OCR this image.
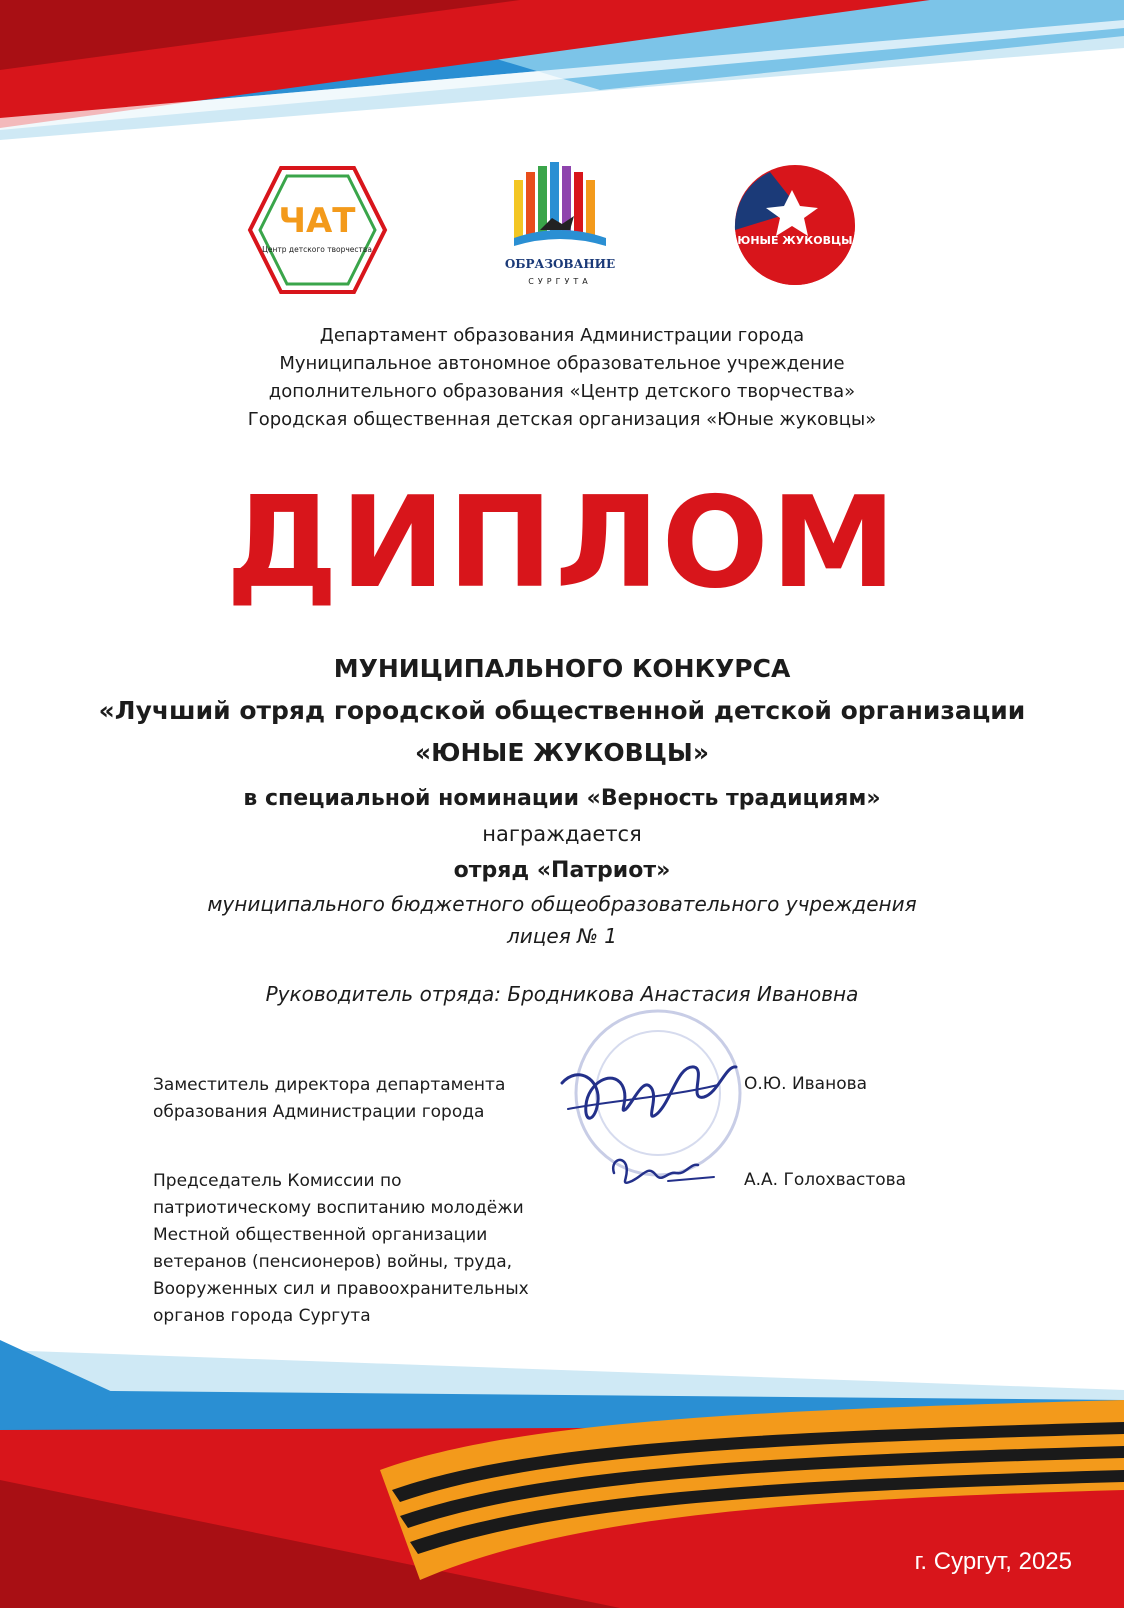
ЧАТ
Центр детского творчества
ОБРАЗОВАНИЕ
СУРГУТА
ЮНЫЕ ЖУКОВЦЫ
Департамент образования Администрации города
Муниципальное автономное образовательное учреждение
дополнительного образования «Центр детского творчества»
Городская общественная детская организация «Юные жуковцы»
ДИПЛОМ
МУНИЦИПАЛЬНОГО КОНКУРСА
«Лучший отряд городской общественной детской организации
«ЮНЫЕ ЖУКОВЦЫ»
в специальной номинации «Верность традициям»
награждается
отряд «Патриот»
муниципального бюджетного общеобразовательного учреждения
лицея № 1
Руководитель отряда: Бродникова Анастасия Ивановна
Заместитель директора департамента
образования Администрации города
О.Ю. Иванова
Председатель Комиссии по
патриотическому воспитанию молодёжи
Местной общественной организации
ветеранов (пенсионеров) войны, труда,
Вооруженных сил и правоохранительных
органов города Сургута
А.А. Голохвастова
г. Сургут, 2025
